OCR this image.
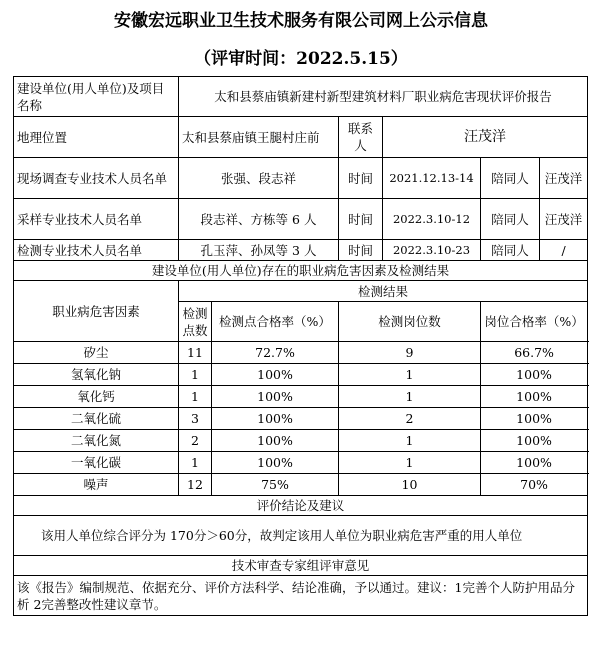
安徽宏远职业卫生技术服务有限公司网上公示信息
（评审时间：2022.5.15）
建设单位(用人单位)及项目名称	太和县蔡庙镇新建村新型建筑材料厂职业病危害现状评价报告					
地理位置	太和县蔡庙镇王腿村庄前		联系人	汪茂洋		
现场调查专业技术人员名单	张强、段志祥		时间	2021.12.13-14	陪同人	汪茂洋
采样专业技术人员名单	段志祥、方栋等 6 人		时间	2022.3.10-12	陪同人	汪茂洋
检测专业技术人员名单	孔玉萍、孙凤等 3 人		时间	2022.3.10-23	陪同人	/
建设单位(用人单位)存在的职业病危害因素及检测结果						
职业病危害因素	检测结果					
	检测点数	检测点合格率（%）	检测岗位数		岗位合格率（%）	
矽尘	11	72.7%	9		66.7%	
氢氧化钠	1	100%	1		100%	
氧化钙	1	100%	1		100%	
二氧化硫	3	100%	2		100%	
二氧化氮	2	100%	1		100%	
一氧化碳	1	100%	1		100%	
噪声	12	75%	10		70%	
评价结论及建议						
该用人单位综合评分为 170分＞60分，故判定该用人单位为职业病危害严重的用人单位						
技术审查专家组评审意见						
该《报告》编制规范、依据充分、评价方法科学、结论准确，予以通过。建议：1完善个人防护用品分析 2完善整改性建议章节。						
